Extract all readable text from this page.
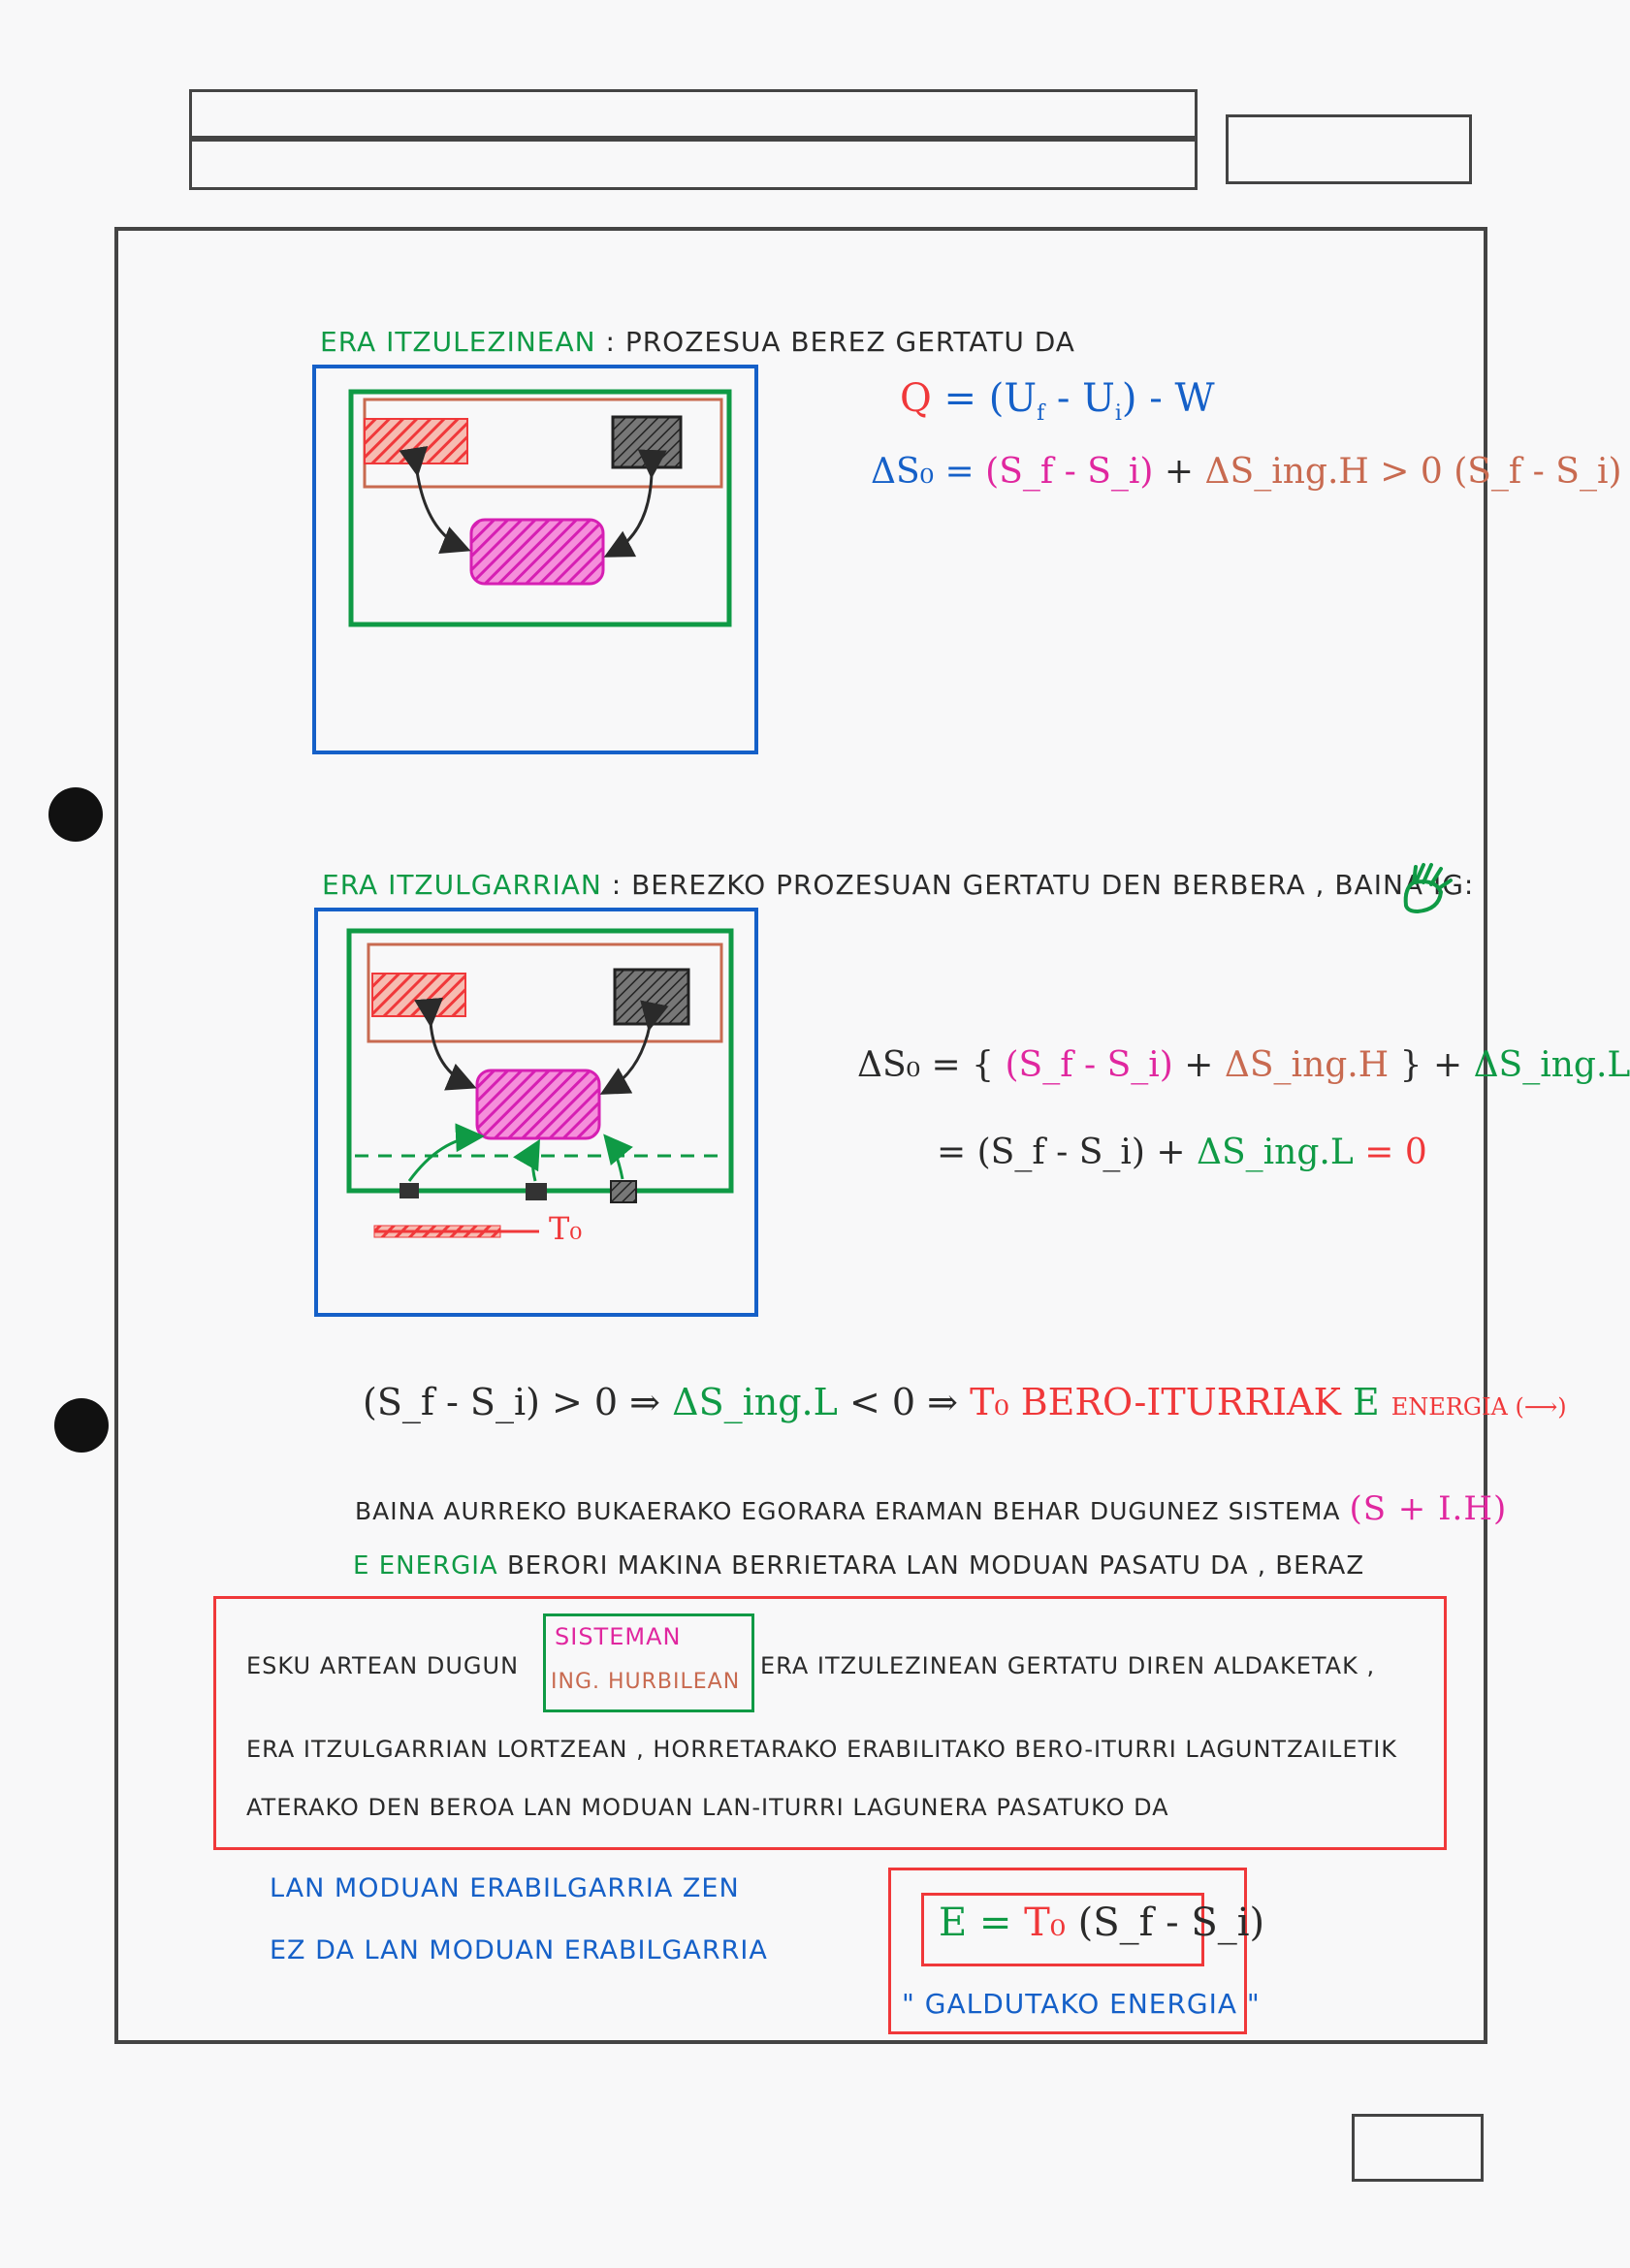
ERA ITZULEZINEAN : PROZESUA BEREZ GERTATU DA
$Q = (U_f - U_i) - W$
ΔS₀ = (S_f - S_i) + ΔS_ing.H > 0 (S_f - S_i)
ERA ITZULGARRIAN : BEREZKO PROZESUAN GERTATU DEN BERBERA , BAINA IG:
T₀
ΔS₀ = { (S_f - S_i) + ΔS_ing.H } + ΔS_ing.L
= (S_f - S_i) + ΔS_ing.L = 0
(S_f - S_i) > 0 ⇒ ΔS_ing.L < 0 ⇒ T₀ BERO-ITURRIAK E ENERGIA (⟶)
BAINA AURREKO BUKAERAKO EGORARA ERAMAN BEHAR DUGUNEZ SISTEMA (S + I.H)
E ENERGIA BERORI MAKINA BERRIETARA LAN MODUAN PASATU DA , BERAZ
ESKU ARTEAN DUGUN
SISTEMAN
ING. HURBILEAN
ERA ITZULEZINEAN GERTATU DIREN ALDAKETAK ,
ERA ITZULGARRIAN LORTZEAN , HORRETARAKO ERABILITAKO BERO-ITURRI LAGUNTZAILETIK
ATERAKO DEN BEROA LAN MODUAN LAN-ITURRI LAGUNERA PASATUKO DA
LAN MODUAN ERABILGARRIA ZEN
EZ DA LAN MODUAN ERABILGARRIA
E = T₀ (S_f - S_i)
" GALDUTAKO ENERGIA "
